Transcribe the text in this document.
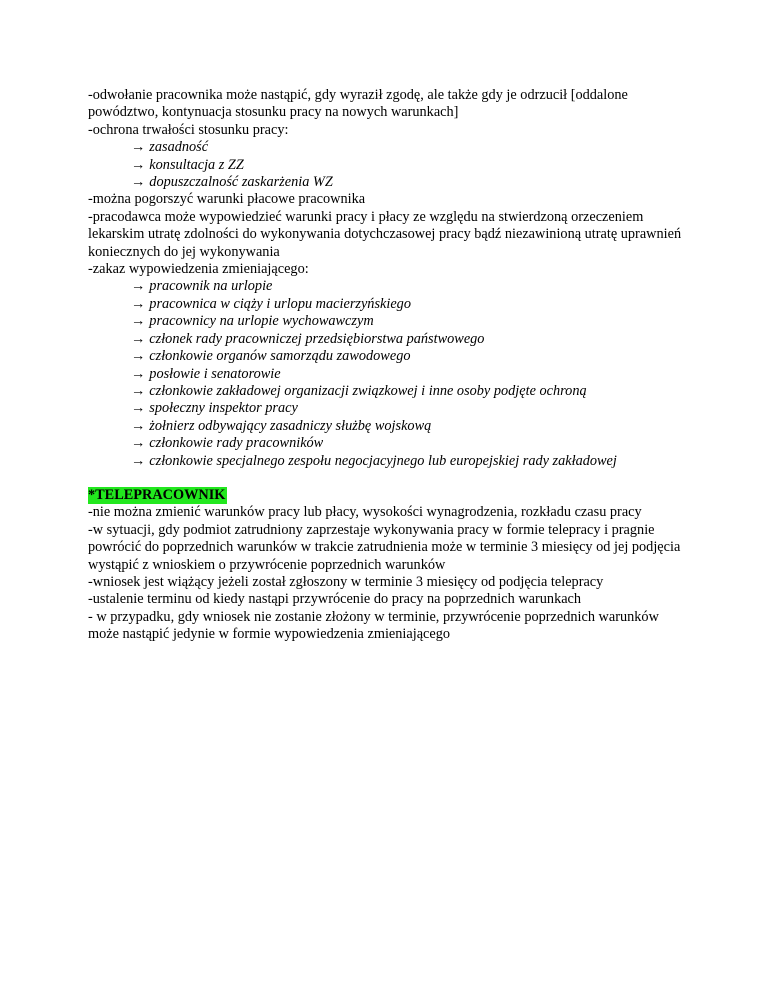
-odwołanie pracownika może nastąpić, gdy wyraził zgodę, ale także gdy je odrzucił [oddalone powództwo, kontynuacja stosunku pracy na nowych warunkach]

-ochrona trwałości stosunku pracy:

→ zasadność
→ konsultacja z ZZ
→ dopuszczalność zaskarżenia WZ

-można pogorszyć warunki płacowe pracownika

-pracodawca może wypowiedzieć warunki pracy i płacy ze względu na stwierdzoną orzeczeniem lekarskim utratę zdolności do wykonywania dotychczasowej pracy bądź niezawinioną utratę uprawnień koniecznych do jej wykonywania

-zakaz wypowiedzenia zmieniającego:

→ pracownik na urlopie
→ pracownica w ciąży i urlopu macierzyńskiego
→ pracownicy na urlopie wychowawczym
→ członek rady pracowniczej przedsiębiorstwa państwowego
→ członkowie organów samorządu zawodowego
→ posłowie i senatorowie
→ członkowie zakładowej organizacji związkowej i inne osoby podjęte ochroną
→ społeczny inspektor pracy
→ żołnierz odbywający zasadniczy służbę wojskową
→ członkowie rady pracowników
→ członkowie specjalnego zespołu negocjacyjnego lub europejskiej rady zakładowej

*TELEPRACOWNIK

-nie można zmienić warunków pracy lub płacy, wysokości wynagrodzenia, rozkładu czasu pracy

-w sytuacji, gdy podmiot zatrudniony zaprzestaje wykonywania pracy w formie telepracy i pragnie powrócić do poprzednich warunków w trakcie zatrudnienia może w terminie 3 miesięcy od jej podjęcia wystąpić z wnioskiem o przywrócenie poprzednich warunków

-wniosek jest wiążący jeżeli został zgłoszony w terminie 3 miesięcy od podjęcia telepracy

-ustalenie terminu od kiedy nastąpi przywrócenie do pracy na poprzednich warunkach

- w przypadku, gdy wniosek nie zostanie złożony w terminie, przywrócenie poprzednich warunków może nastąpić jedynie w formie wypowiedzenia zmieniającego
